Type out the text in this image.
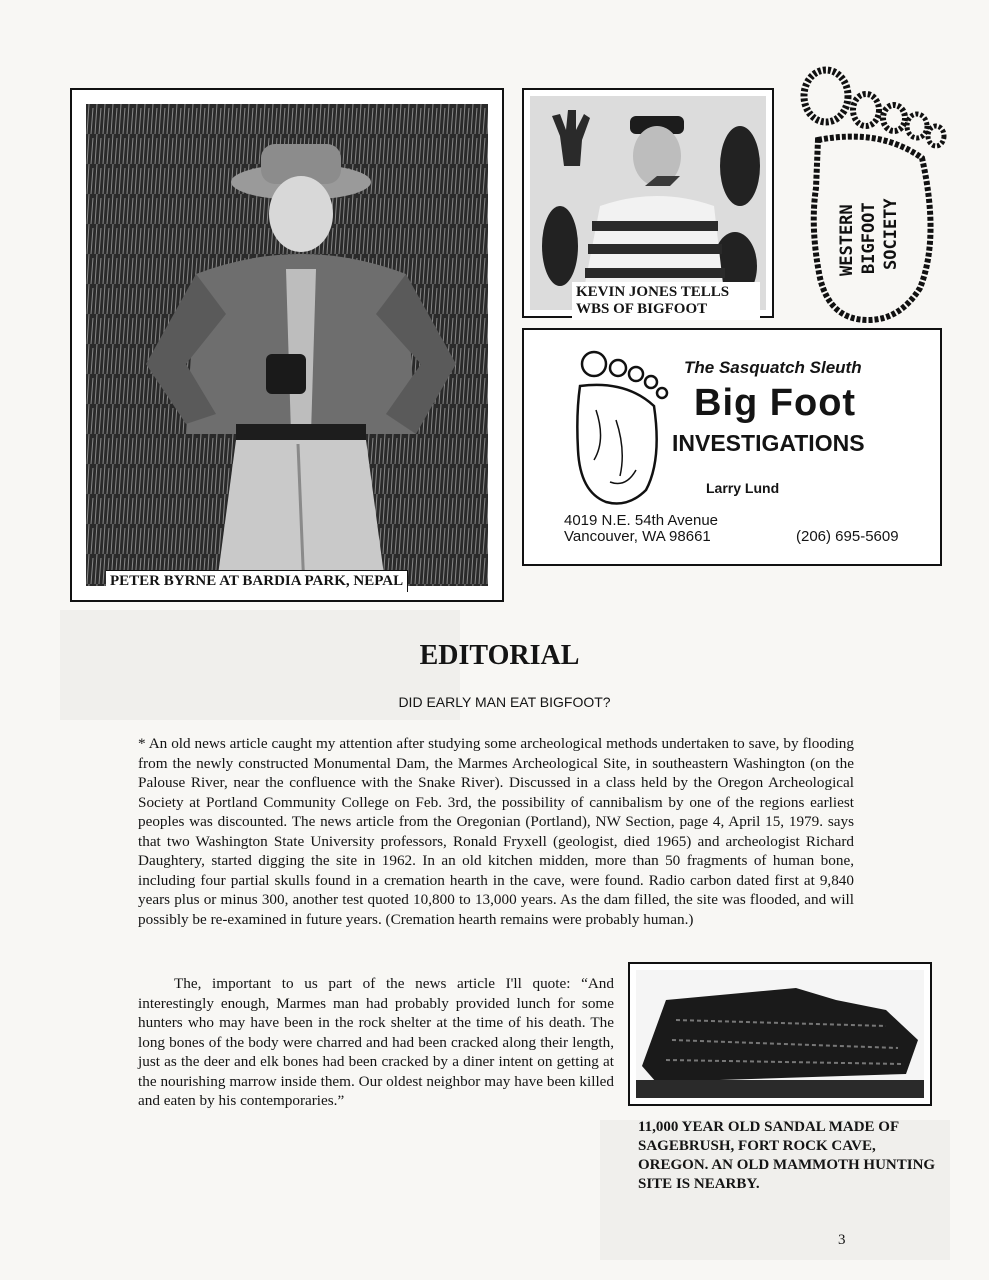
PETER BYRNE AT BARDIA PARK, NEPAL
KEVIN JONES TELLS
WBS OF BIGFOOT
WESTERN BIGFOOT SOCIETY
The Sasquatch Sleuth
Big Foot
INVESTIGATIONS
Larry Lund
4019 N.E. 54th Avenue
Vancouver, WA 98661	(206) 695-5609
EDITORIAL
DID EARLY MAN EAT BIGFOOT?
* An old news article caught my attention after studying some archeological methods undertaken to save, by flooding from the newly constructed Monumental Dam, the Marmes Archeological Site, in southeastern Washington (on the Palouse River, near the confluence with the Snake River). Discussed in a class held by the Oregon Archeological Society at Portland Community College on Feb. 3rd, the possibility of cannibalism by one of the regions earliest peoples was discounted. The news article from the Oregonian (Portland), NW Section, page 4, April 15, 1979. says that two Washington State University professors, Ronald Fryxell (geologist, died 1965) and archeologist Richard Daughtery, started digging the site in 1962. In an old kitchen midden, more than 50 fragments of human bone, including four partial skulls found in a cremation hearth in the cave, were found. Radio carbon dated first at 9,840 years plus or minus 300, another test quoted 10,800 to 13,000 years. As the dam filled, the site was flooded, and will possibly be re-examined in future years. (Cremation hearth remains were probably human.)
The, important to us part of the news article I'll quote: “And interestingly enough, Marmes man had probably provided lunch for some hunters who may have been in the rock shelter at the time of his death. The long bones of the body were charred and had been cracked along their length, just as the deer and elk bones had been cracked by a diner intent on getting at the nourishing marrow inside them. Our oldest neighbor may have been killed and eaten by his contemporaries.”
11,000 YEAR OLD SANDAL MADE OF SAGEBRUSH, FORT ROCK CAVE, OREGON. AN OLD MAMMOTH HUNTING SITE IS NEARBY.
3
